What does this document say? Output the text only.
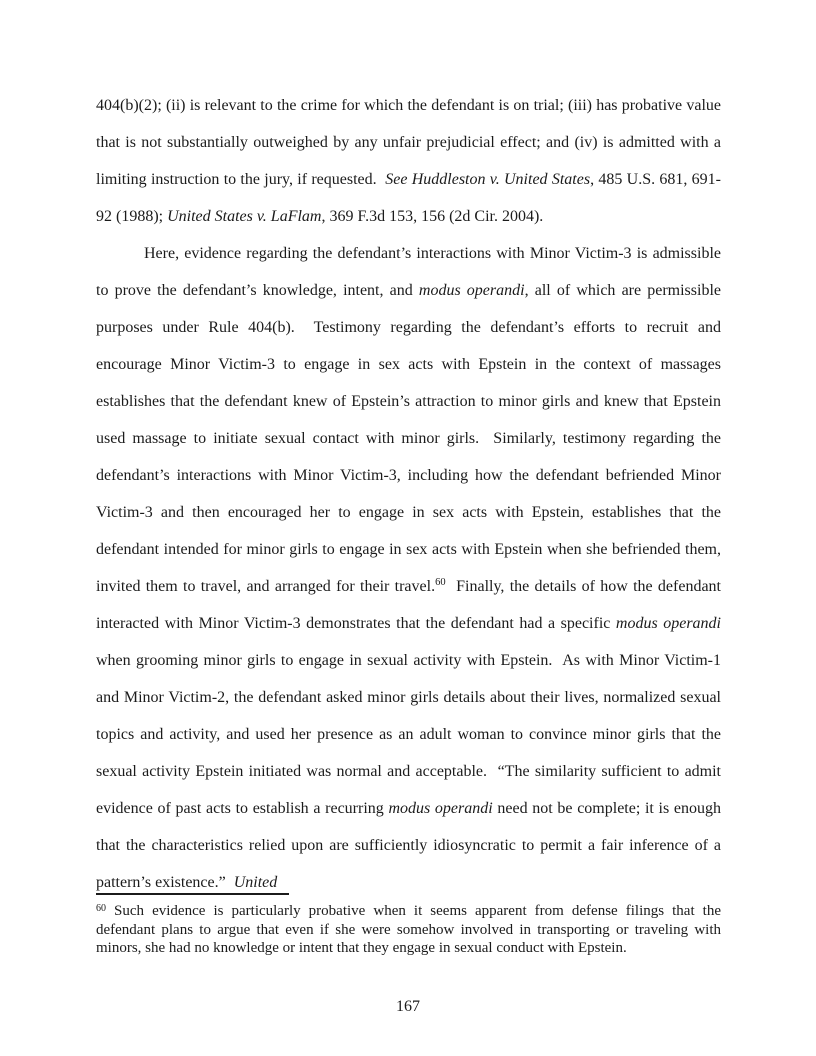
404(b)(2); (ii) is relevant to the crime for which the defendant is on trial; (iii) has probative value that is not substantially outweighed by any unfair prejudicial effect; and (iv) is admitted with a limiting instruction to the jury, if requested.  See Huddleston v. United States, 485 U.S. 681, 691-92 (1988); United States v. LaFlam, 369 F.3d 153, 156 (2d Cir. 2004).

Here, evidence regarding the defendant’s interactions with Minor Victim-3 is admissible to prove the defendant’s knowledge, intent, and modus operandi, all of which are permissible purposes under Rule 404(b).  Testimony regarding the defendant’s efforts to recruit and encourage Minor Victim-3 to engage in sex acts with Epstein in the context of massages establishes that the defendant knew of Epstein’s attraction to minor girls and knew that Epstein used massage to initiate sexual contact with minor girls.  Similarly, testimony regarding the defendant’s interactions with Minor Victim-3, including how the defendant befriended Minor Victim-3 and then encouraged her to engage in sex acts with Epstein, establishes that the defendant intended for minor girls to engage in sex acts with Epstein when she befriended them, invited them to travel, and arranged for their travel.$^{60}$  Finally, the details of how the defendant interacted with Minor Victim-3 demonstrates that the defendant had a specific modus operandi when grooming minor girls to engage in sexual activity with Epstein.  As with Minor Victim-1 and Minor Victim-2, the defendant asked minor girls details about their lives, normalized sexual topics and activity, and used her presence as an adult woman to convince minor girls that the sexual activity Epstein initiated was normal and acceptable.  “The similarity sufficient to admit evidence of past acts to establish a recurring modus operandi need not be complete; it is enough that the characteristics relied upon are sufficiently idiosyncratic to permit a fair inference of a pattern’s existence.”  United

$^{60}$ Such evidence is particularly probative when it seems apparent from defense filings that the defendant plans to argue that even if she were somehow involved in transporting or traveling with minors, she had no knowledge or intent that they engage in sexual conduct with Epstein.

167
